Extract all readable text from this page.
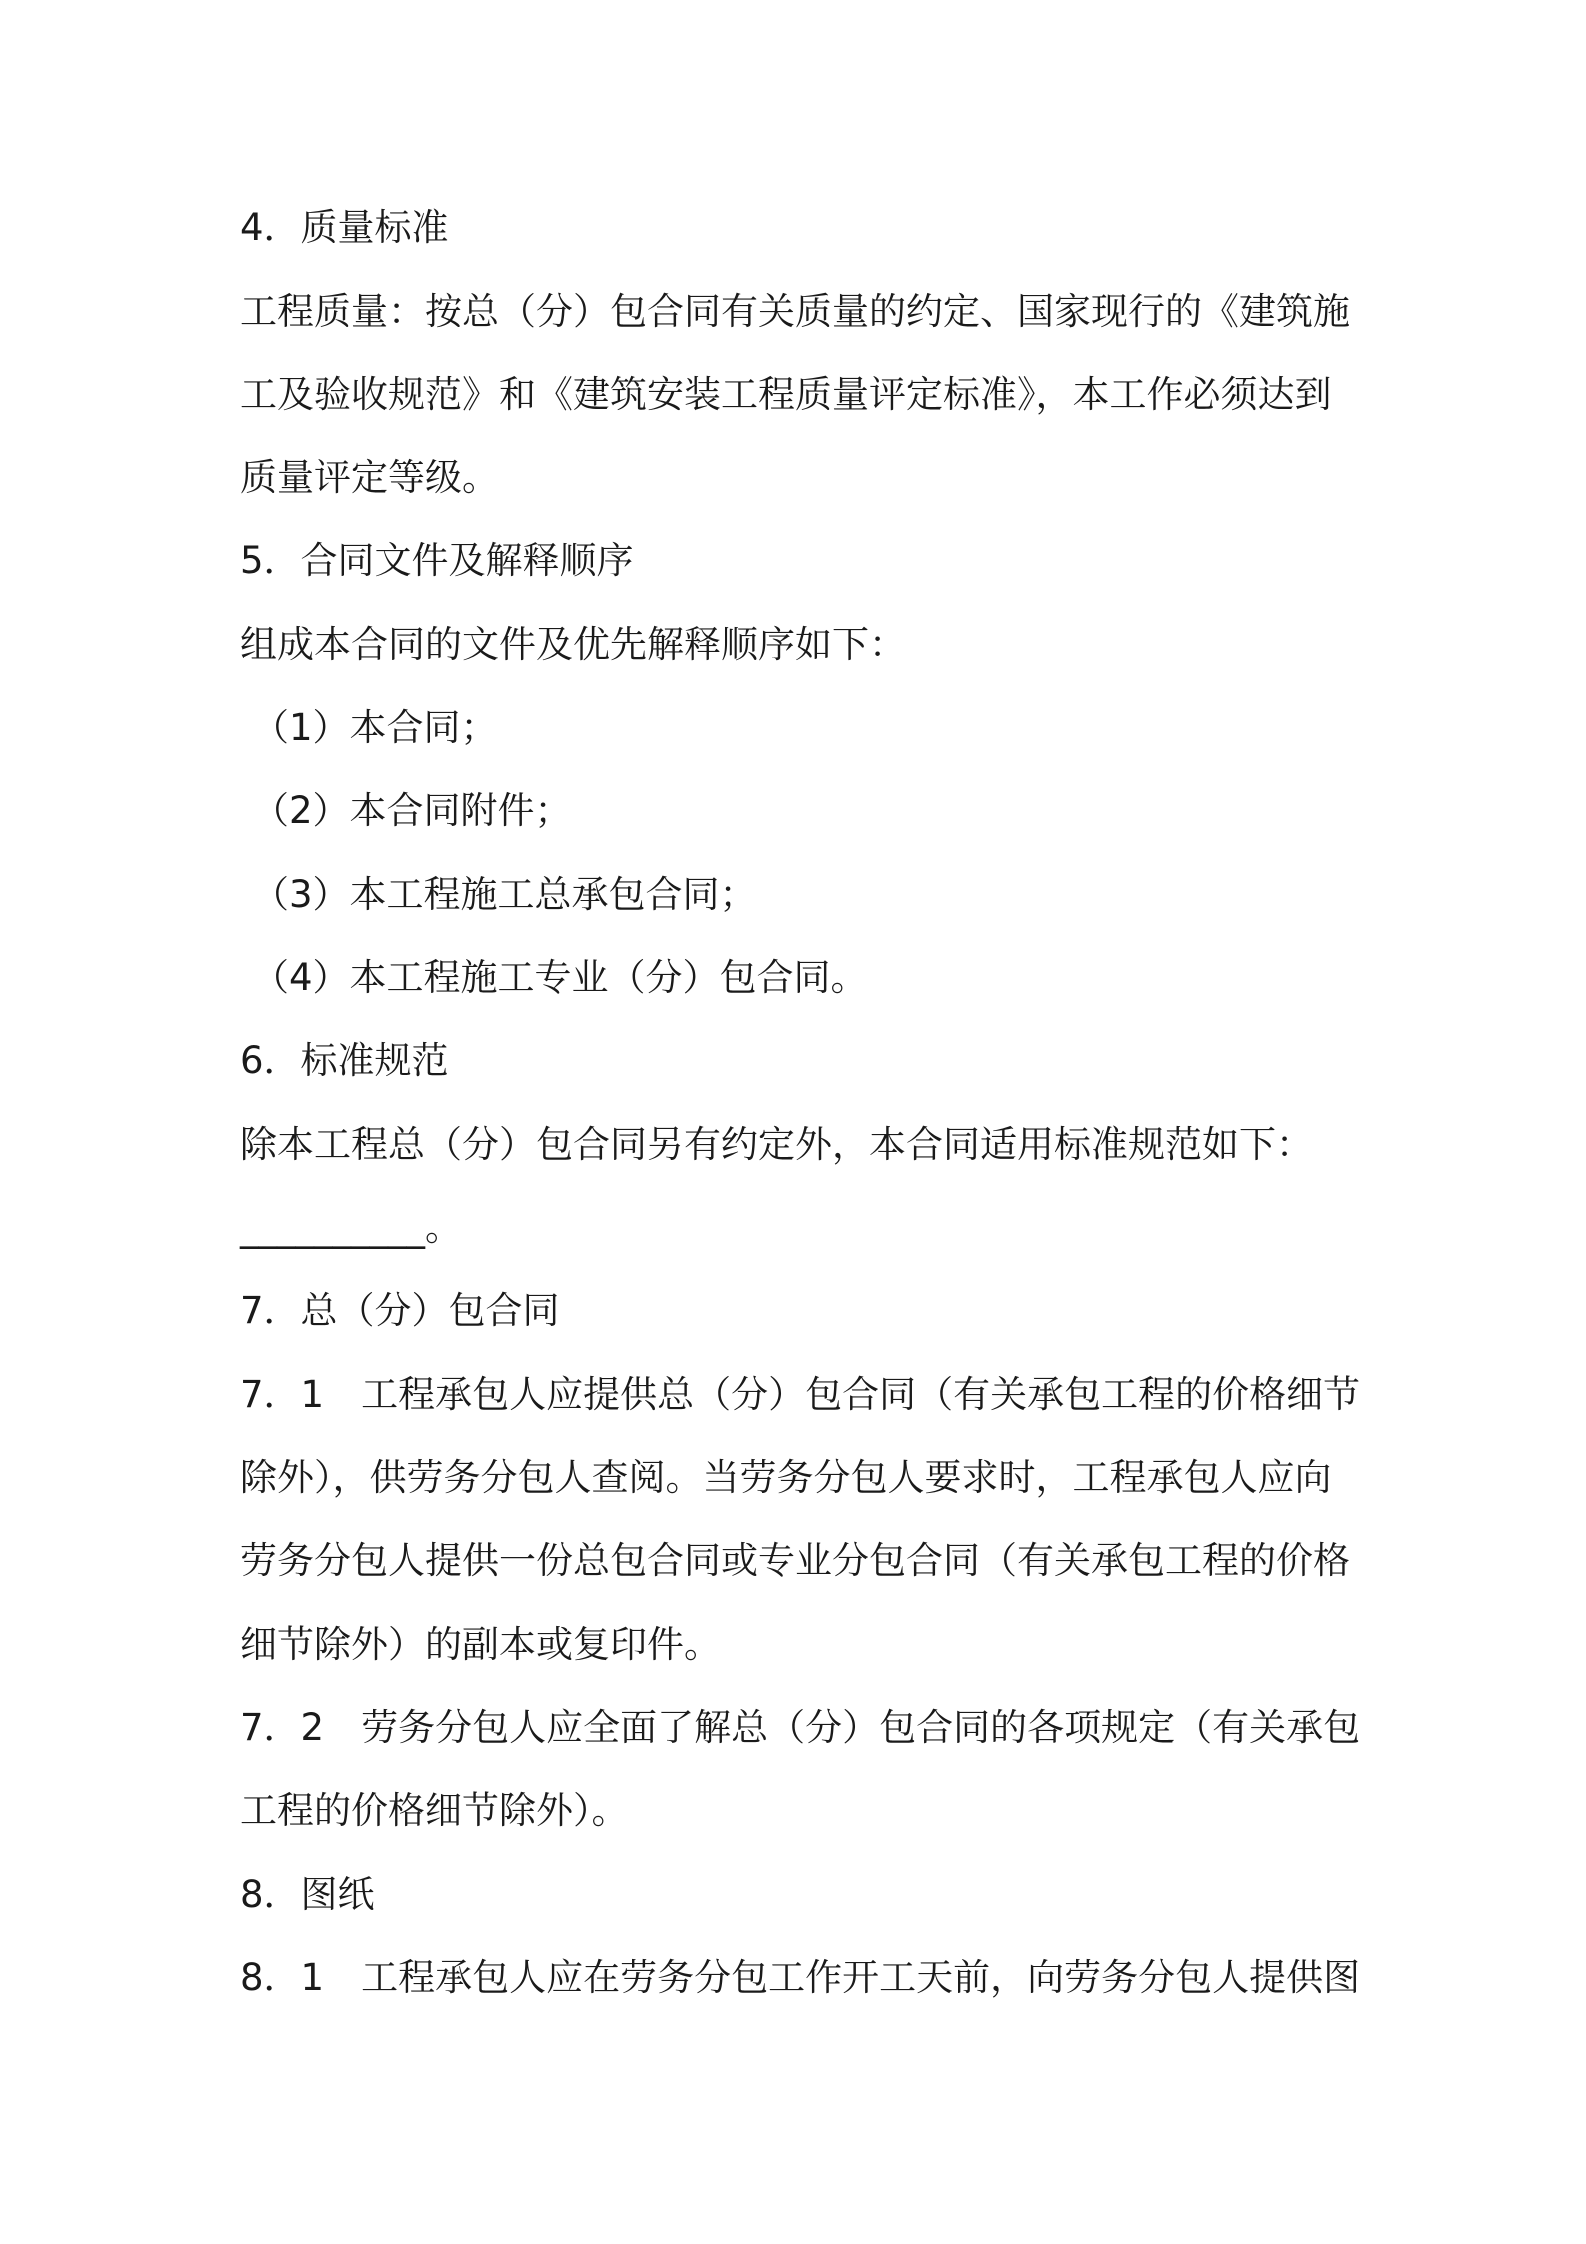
4．质量标准
工程质量：按总（分）包合同有关质量的约定、国家现行的《建筑施
工及验收规范》和《建筑安装工程质量评定标准》，本工作必须达到
质量评定等级。
5．合同文件及解释顺序
组成本合同的文件及优先解释顺序如下：
（1）本合同；
（2）本合同附件；
（3）本工程施工总承包合同；
（4）本工程施工专业（分）包合同。
6．标准规范
除本工程总（分）包合同另有约定外，本合同适用标准规范如下：
__________。
7．总（分）包合同
7．1　工程承包人应提供总（分）包合同（有关承包工程的价格细节
除外），供劳务分包人查阅。当劳务分包人要求时，工程承包人应向
劳务分包人提供一份总包合同或专业分包合同（有关承包工程的价格
细节除外）的副本或复印件。
7．2　劳务分包人应全面了解总（分）包合同的各项规定（有关承包
工程的价格细节除外）。
8．图纸
8．1　工程承包人应在劳务分包工作开工天前，向劳务分包人提供图
